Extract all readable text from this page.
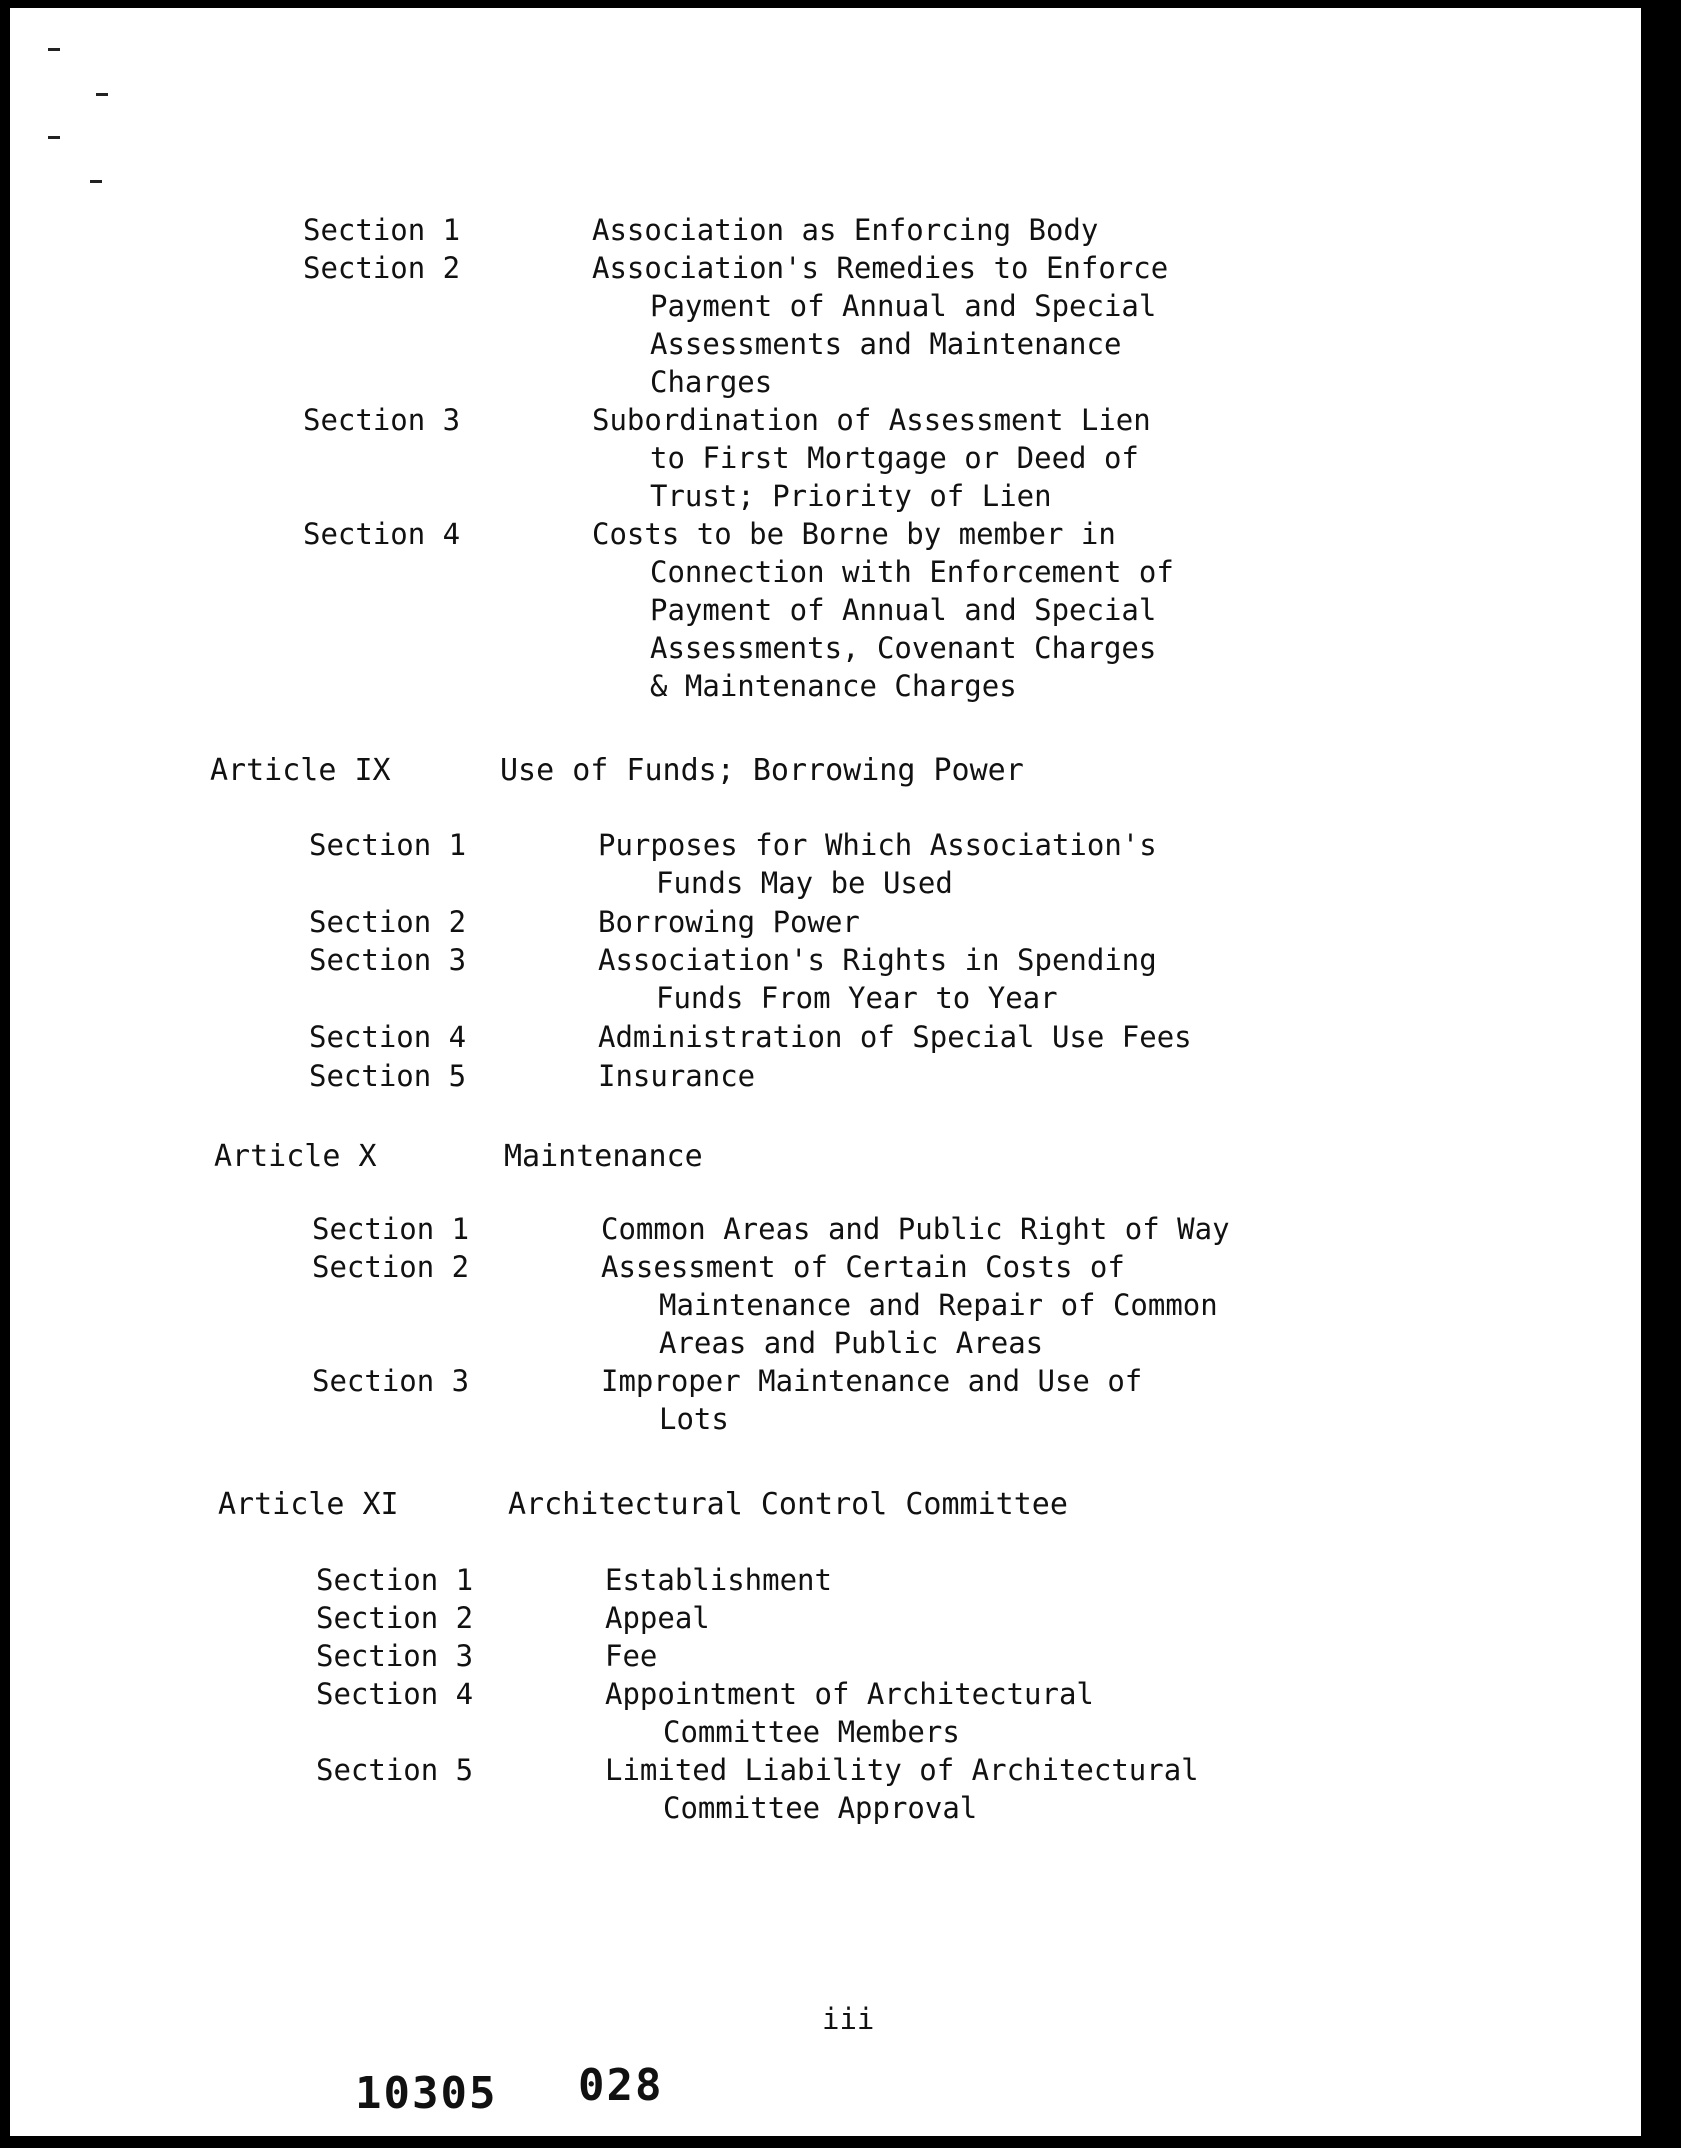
Section 1	Association as Enforcing Body
Section 2	Association's Remedies to Enforce
Payment of Annual and Special
Assessments and Maintenance
Charges
Section 3	Subordination of Assessment Lien
to First Mortgage or Deed of
Trust; Priority of Lien
Section 4	Costs to be Borne by member in
Connection with Enforcement of
Payment of Annual and Special
Assessments, Covenant Charges
& Maintenance Charges
Article IX	Use of Funds; Borrowing Power
Section 1	Purposes for Which Association's
Funds May be Used
Section 2	Borrowing Power
Section 3	Association's Rights in Spending
Funds From Year to Year
Section 4	Administration of Special Use Fees
Section 5	Insurance
Article X	Maintenance
Section 1	Common Areas and Public Right of Way
Section 2	Assessment of Certain Costs of
Maintenance and Repair of Common
Areas and Public Areas
Section 3	Improper Maintenance and Use of
Lots
Article XI	Architectural Control Committee
Section 1	Establishment
Section 2	Appeal
Section 3	Fee
Section 4	Appointment of Architectural
Committee Members
Section 5	Limited Liability of Architectural
Committee Approval
iii
10305 028
